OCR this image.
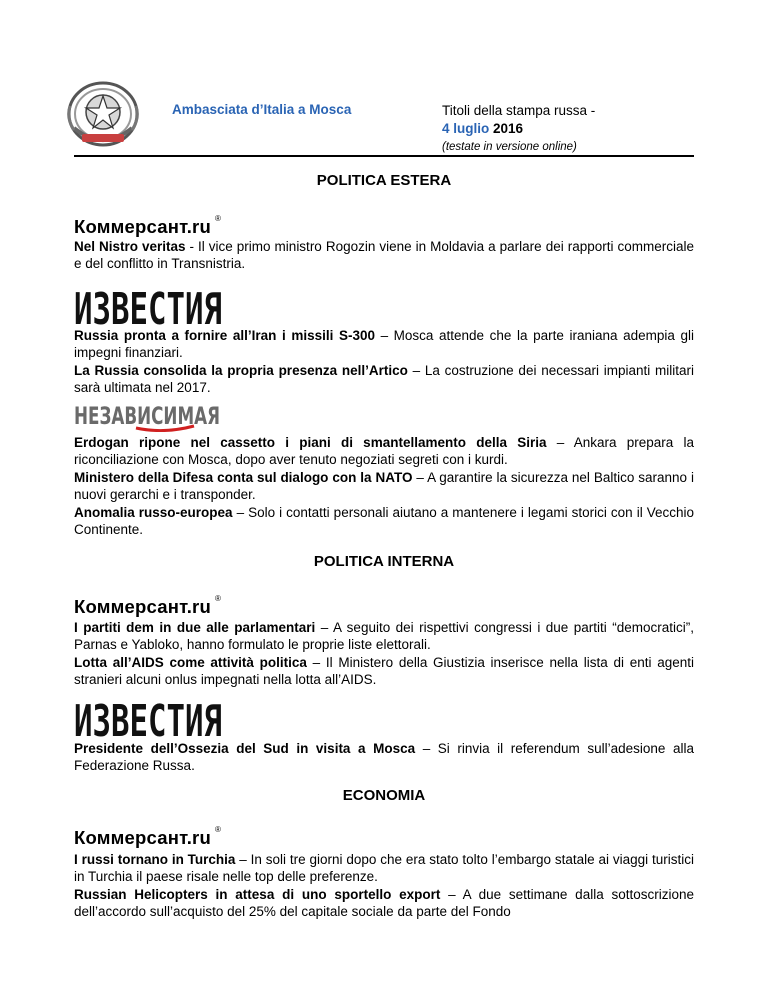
Ambasciata d’Italia a Mosca	Titoli della stampa russa -
4 luglio 2016
(testate in versione online)
POLITICA ESTERA
Коммерсант.ru ®

Nel Nistro veritas - Il vice primo ministro Rogozin viene in Moldavia a parlare dei rapporti commerciale e del conflitto in Transnistria.

ИЗВЕСТИЯ

Russia pronta a fornire all’Iran i missili S-300 – Mosca attende che la parte iraniana adempia gli impegni finanziari.

La Russia consolida la propria presenza nell’Artico – La costruzione dei necessari impianti militari sarà ultimata nel 2017.

НЕЗАВИСИМАЯ

Erdogan ripone nel cassetto i piani di smantellamento della Siria – Ankara prepara la riconciliazione con Mosca, dopo aver tenuto negoziati segreti con i kurdi.

Ministero della Difesa conta sul dialogo con la NATO – A garantire la sicurezza nel Baltico saranno i nuovi gerarchi e i transponder.

Anomalia russo-europea – Solo i contatti personali aiutano a mantenere i legami storici con il Vecchio Continente.

POLITICA INTERNA
Коммерсант.ru ®

I partiti dem in due alle parlamentari – A seguito dei rispettivi congressi i due partiti “democratici”, Parnas e Yabloko, hanno formulato le proprie liste elettorali.

Lotta all’AIDS come attività politica – Il Ministero della Giustizia inserisce nella lista di enti agenti stranieri alcuni onlus impegnati nella lotta all’AIDS.

ИЗВЕСТИЯ

Presidente dell’Ossezia del Sud in visita a Mosca – Si rinvia il referendum sull’adesione alla Federazione Russa.

ECONOMIA
Коммерсант.ru ®

I russi tornano in Turchia – In soli tre giorni dopo che era stato tolto l’embargo statale ai viaggi turistici in Turchia il paese risale nelle top delle preferenze.

Russian Helicopters in attesa di uno sportello export – A due settimane dalla sottoscrizione dell’accordo sull’acquisto del 25% del capitale sociale da parte del Fondo
